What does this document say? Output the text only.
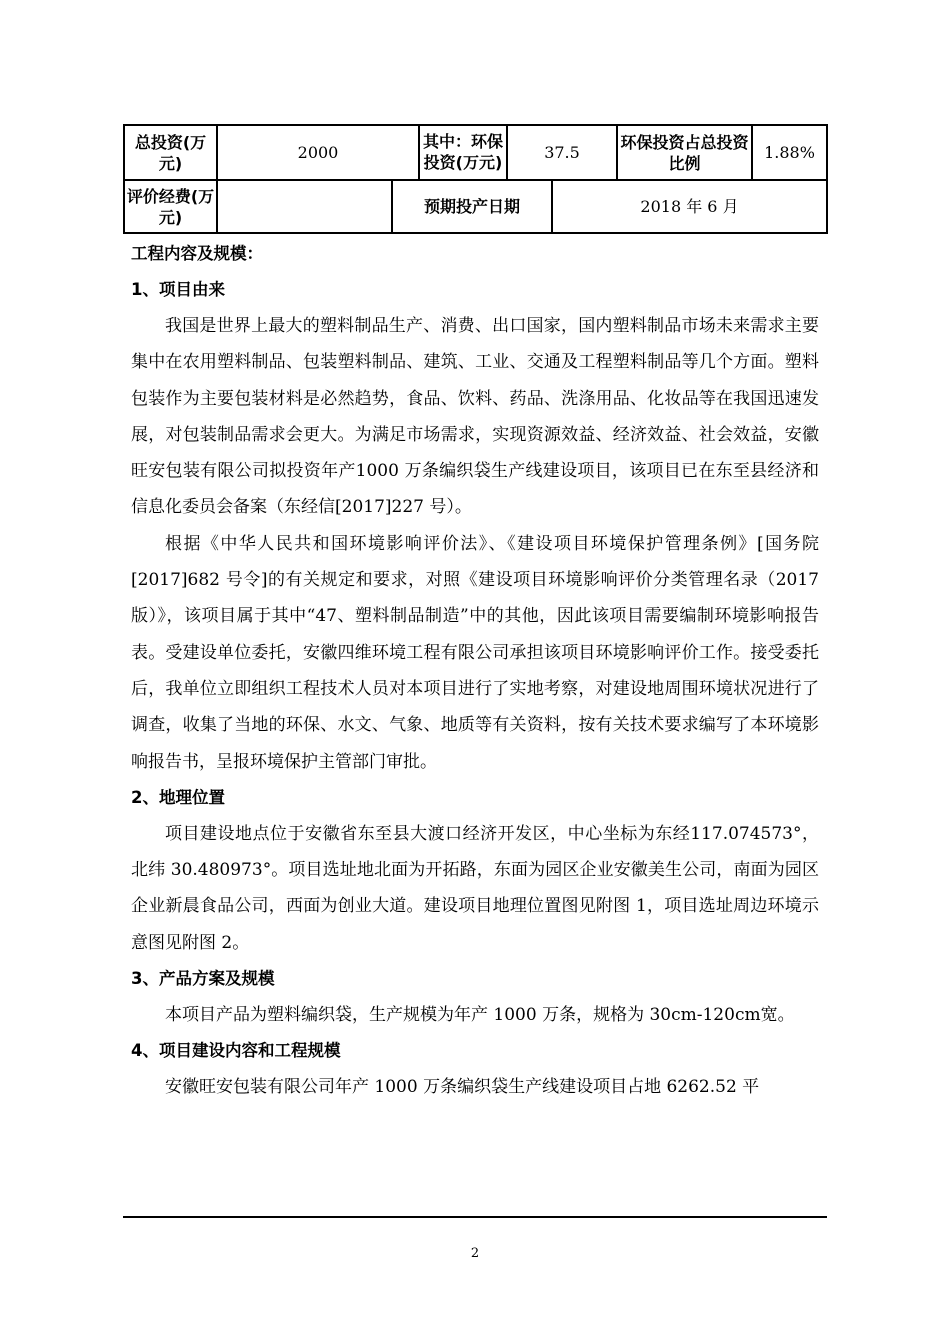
总投资(万元)	2000		其中：环保投资(万元)	37.5		环保投资占总投资比例	1.88%
评价经费(万元)		预期投产日期			2018 年 6 月		
工程内容及规模：
1、项目由来

我国是世界上最大的塑料制品生产、消费、出口国家，国内塑料制品市场未来需求主要集中在农用塑料制品、包装塑料制品、建筑、工业、交通及工程塑料制品等几个方面。塑料包装作为主要包装材料是必然趋势，食品、饮料、药品、洗涤用品、化妆品等在我国迅速发展，对包装制品需求会更大。为满足市场需求，实现资源效益、经济效益、社会效益，安徽旺安包装有限公司拟投资年产1000 万条编织袋生产线建设项目，该项目已在东至县经济和信息化委员会备案（东经信[2017]227 号）。

根据《中华人民共和国环境影响评价法》、《建设项目环境保护管理条例》[国务院[2017]682 号令]的有关规定和要求，对照《建设项目环境影响评价分类管理名录（2017 版）》，该项目属于其中“47、塑料制品制造”中的其他，因此该项目需要编制环境影响报告表。受建设单位委托，安徽四维环境工程有限公司承担该项目环境影响评价工作。接受委托后，我单位立即组织工程技术人员对本项目进行了实地考察，对建设地周围环境状况进行了调查，收集了当地的环保、水文、气象、地质等有关资料，按有关技术要求编写了本环境影响报告书，呈报环境保护主管部门审批。

2、地理位置

项目建设地点位于安徽省东至县大渡口经济开发区，中心坐标为东经117.074573°，北纬 30.480973°。项目选址地北面为开拓路，东面为园区企业安徽美生公司，南面为园区企业新晨食品公司，西面为创业大道。建设项目地理位置图见附图 1，项目选址周边环境示意图见附图 2。

3、产品方案及规模

本项目产品为塑料编织袋，生产规模为年产 1000 万条，规格为 30cm-120cm宽。

4、项目建设内容和工程规模

安徽旺安包装有限公司年产 1000 万条编织袋生产线建设项目占地 6262.52 平

2
